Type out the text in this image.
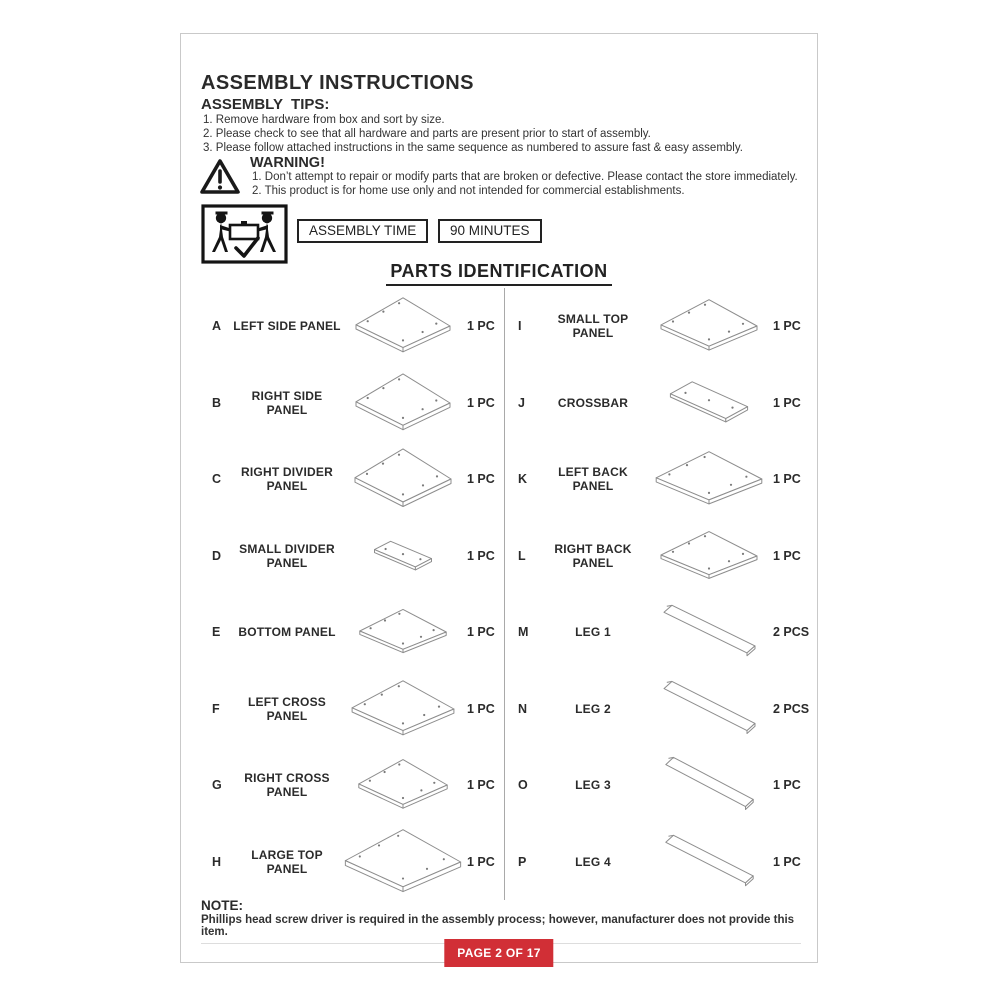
ASSEMBLY INSTRUCTIONS
ASSEMBLY  TIPS:

1. Remove hardware from box and sort by size.

2. Please check to see that all hardware and parts are present prior to start of assembly.

3. Please follow attached instructions in the same sequence as numbered to assure fast & easy assembly.

WARNING!

1. Don’t attempt to repair or modify parts that are broken or defective. Please contact the store immediately.

2. This product is for home use only and not intended for commercial establishments.

ASSEMBLY TIME	90 MINUTES
PARTS IDENTIFICATION
A	LEFT SIDE PANEL	1 PC
B	RIGHT SIDE PANEL	1 PC
C	RIGHT DIVIDER PANEL	1 PC
D	SMALL DIVIDER PANEL	1 PC
E	BOTTOM PANEL	1 PC
F	LEFT CROSS PANEL	1 PC
G	RIGHT CROSS PANEL	1 PC
H	LARGE TOP PANEL	1 PC
I	SMALL TOP PANEL	1 PC
J	CROSSBAR	1 PC
K	LEFT BACK PANEL	1 PC
L	RIGHT BACK PANEL	1 PC
M	LEG 1	2 PCS
N	LEG 2	2 PCS
O	LEG 3	1 PC
P	LEG 4	1 PC
NOTE:

Phillips head screw driver is required in the assembly process; however, manufacturer does not provide this item.

PAGE 2 OF 17
